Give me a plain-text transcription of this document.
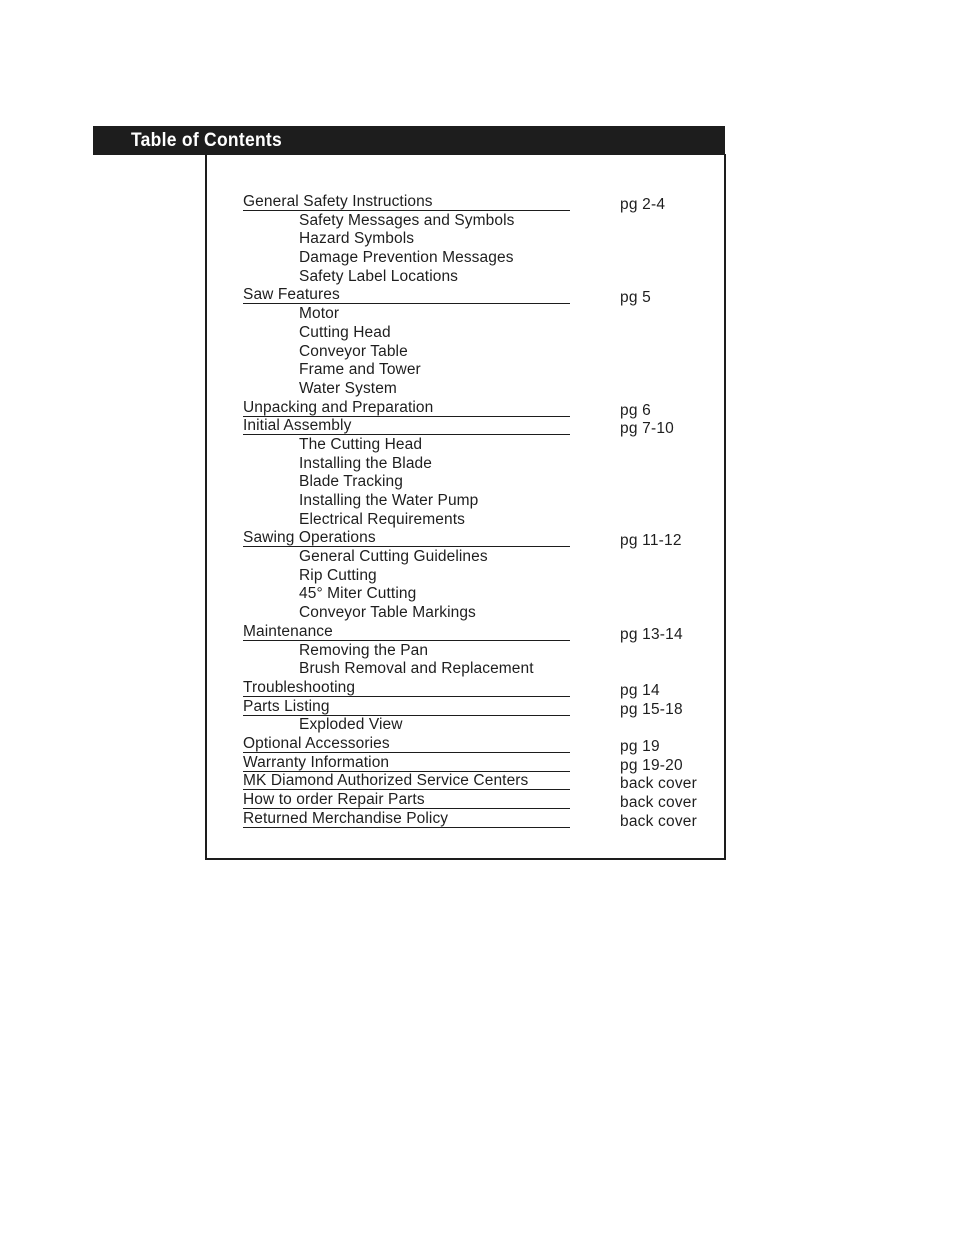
Table of Contents
General Safety Instructions	pg 2-4
Safety Messages and Symbols
Hazard Symbols
Damage Prevention Messages
Safety Label Locations
Saw Features	pg 5
Motor
Cutting Head
Conveyor Table
Frame and Tower
Water System
Unpacking and Preparation	pg 6
Initial Assembly	pg 7-10
The Cutting Head
Installing the Blade
Blade Tracking
Installing the Water Pump
Electrical Requirements
Sawing Operations	pg 11-12
General Cutting Guidelines
Rip Cutting
45° Miter Cutting
Conveyor Table Markings
Maintenance	pg 13-14
Removing the Pan
Brush Removal and Replacement
Troubleshooting	pg 14
Parts Listing	pg 15-18
Exploded View
Optional Accessories	pg 19
Warranty Information	pg 19-20
MK Diamond Authorized Service Centers	back cover
How to order Repair Parts	back cover
Returned Merchandise Policy	back cover
